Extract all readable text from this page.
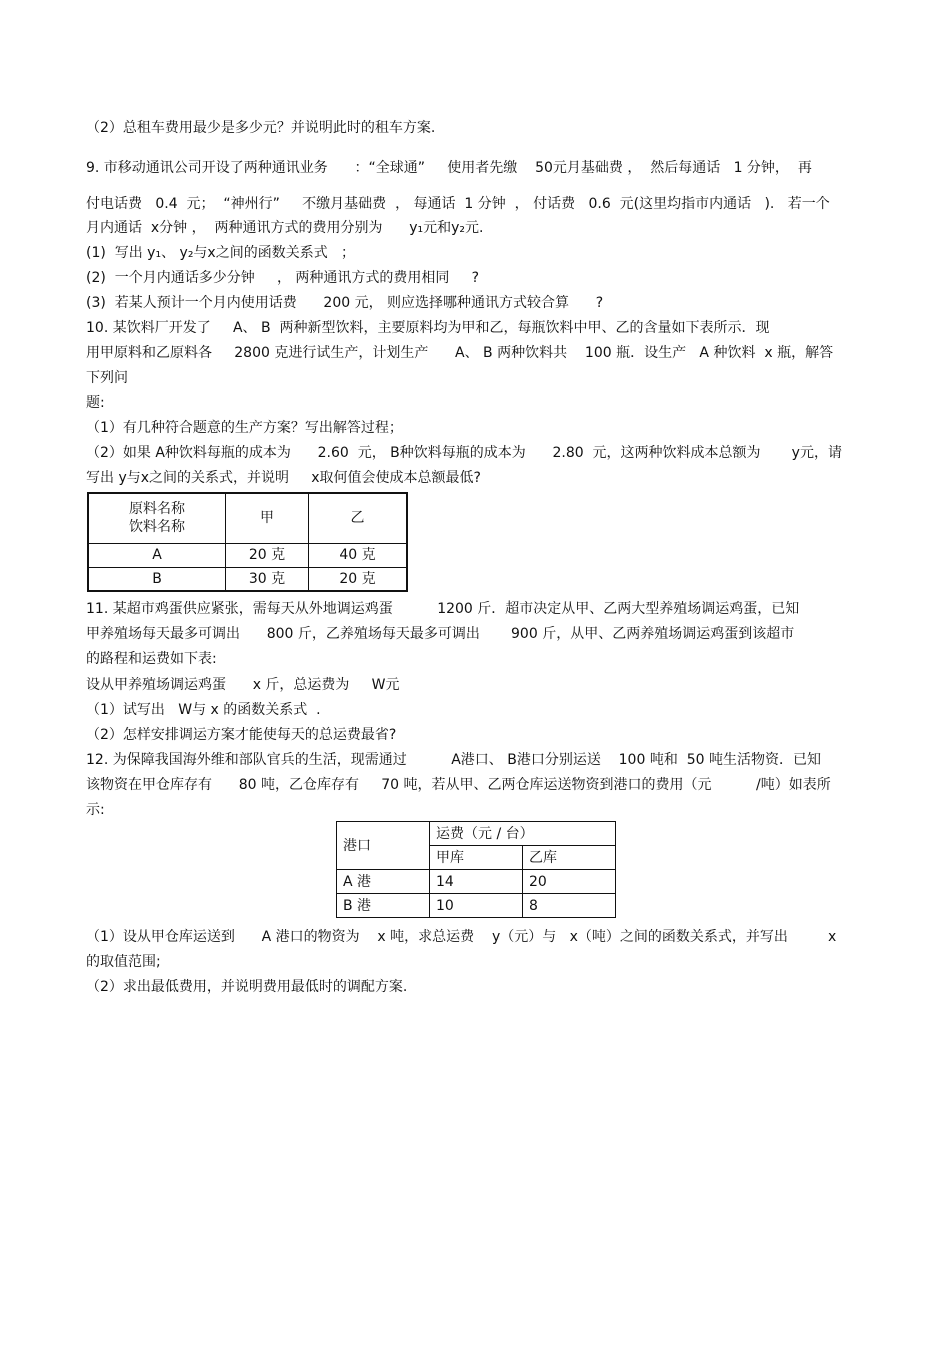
（2）总租车费用最少是多少元？并说明此时的租车方案.
9. 市移动通讯公司开设了两种通讯业务      ：“全球通”     使用者先缴    50元月基础费 ，  然后每通话   1 分钟，  再
付电话费   0.4  元；  “神州行”     不缴月基础费  ， 每通话  1 分钟  ， 付话费   0.6  元(这里均指市内通话   ).   若一个
月内通话  x分钟 ，  两种通讯方式的费用分别为      y₁元和y₂元.
(1)  写出 y₁、 y₂与x之间的函数关系式   ；
(2)  一个月内通话多少分钟     ， 两种通讯方式的费用相同     ?
(3)  若某人预计一个月内使用话费      200 元， 则应选择哪种通讯方式较合算      ?
10. 某饮料厂开发了     A、 B  两种新型饮料，主要原料均为甲和乙，每瓶饮料中甲、乙的含量如下表所示．现
用甲原料和乙原料各     2800 克进行试生产，计划生产      A、 B 两种饮料共    100 瓶．设生产   A 种饮料  x 瓶，解答
下列问
题:
（1）有几种符合题意的生产方案？写出解答过程；
（2）如果 A种饮料每瓶的成本为      2.60  元， B种饮料每瓶的成本为      2.80  元，这两种饮料成本总额为       y元，请
写出 y与x之间的关系式，并说明     x取何值会使成本总额最低?
原料名称
饮料名称	甲	乙
A	20 克	40 克
B	30 克	20 克
11. 某超市鸡蛋供应紧张，需每天从外地调运鸡蛋          1200 斤．超市决定从甲、乙两大型养殖场调运鸡蛋，已知
甲养殖场每天最多可调出      800 斤，乙养殖场每天最多可调出       900 斤，从甲、乙两养殖场调运鸡蛋到该超市
的路程和运费如下表:
设从甲养殖场调运鸡蛋      x 斤，总运费为     W元
（1）试写出   W与 x 的函数关系式  .
（2）怎样安排调运方案才能使每天的总运费最省?
12. 为保障我国海外维和部队官兵的生活，现需通过          A港口、 B港口分别运送    100 吨和  50 吨生活物资．已知
该物资在甲仓库存有      80 吨，乙仓库存有     70 吨，若从甲、乙两仓库运送物资到港口的费用（元          /吨）如表所
示:
港口	运费（元 / 台）	
	甲库	乙库
A 港	14	20
B 港	10	8
（1）设从甲仓库运送到      A 港口的物资为    x 吨，求总运费    y（元）与   x（吨）之间的函数关系式，并写出         x
的取值范围;
（2）求出最低费用，并说明费用最低时的调配方案.
